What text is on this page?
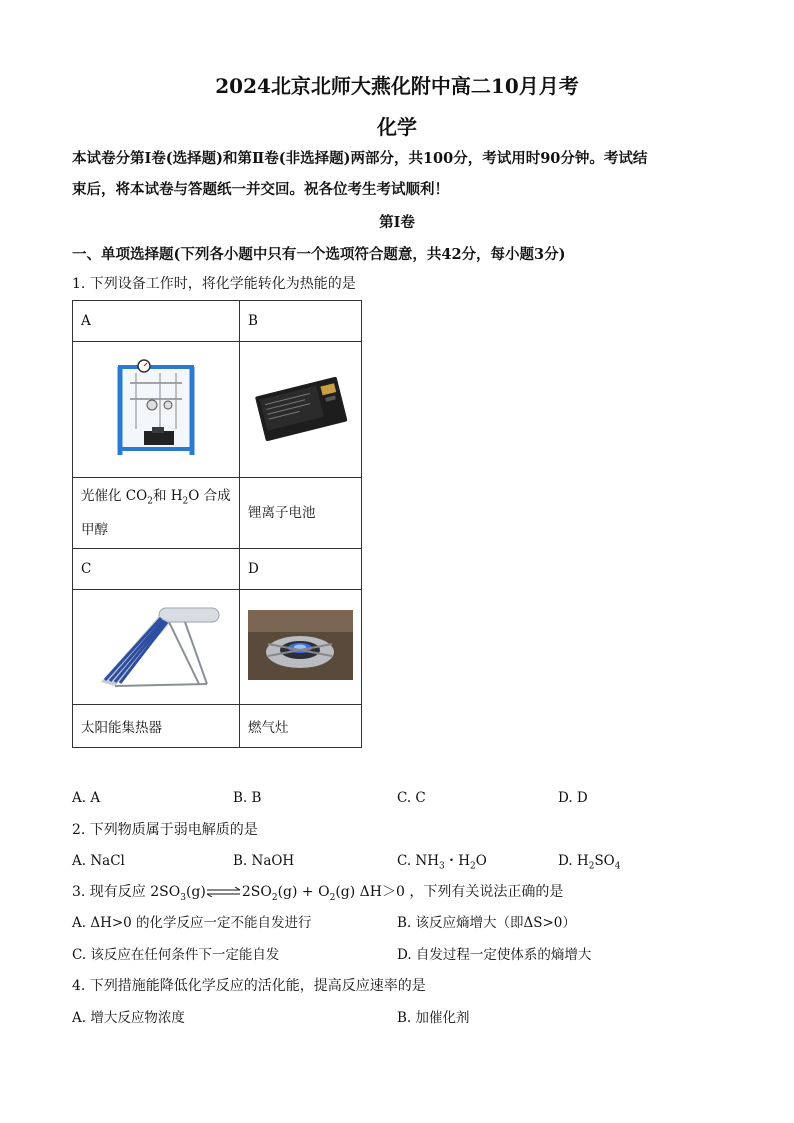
2024北京北师大燕化附中高二10月月考
化学
本试卷分第Ⅰ卷(选择题)和第Ⅱ卷(非选择题)两部分，共100分，考试用时90分钟。考试结
束后，将本试卷与答题纸一并交回。祝各位考生考试顺利！
第Ⅰ卷
一、单项选择题(下列各小题中只有一个选项符合题意，共42分，每小题3分)
1. 下列设备工作时，将化学能转化为热能的是
A	B

光催化 $CO_2$和 $H_2O$ 合成
甲醇	锂离子电池
C	D

太阳能集热器	燃气灶
A. A	B. B	C. C	D. D
2. 下列物质属于弱电解质的是
A. NaCl	B. NaOH	C. $NH_3$・$H_2O$	D. $H_2SO_4$
3. 现有反应 $2SO_3(g)\rightleftharpoons 2SO_2(g) + O_2(g)$ ΔH＞0 ，下列有关说法正确的是
A. ΔH>0 的化学反应一定不能自发进行	B. 该反应熵增大（即ΔS>0）
C. 该反应在任何条件下一定能自发	D. 自发过程一定使体系的熵增大
4. 下列措施能降低化学反应的活化能，提高反应速率的是
A. 增大反应物浓度	B. 加催化剂
